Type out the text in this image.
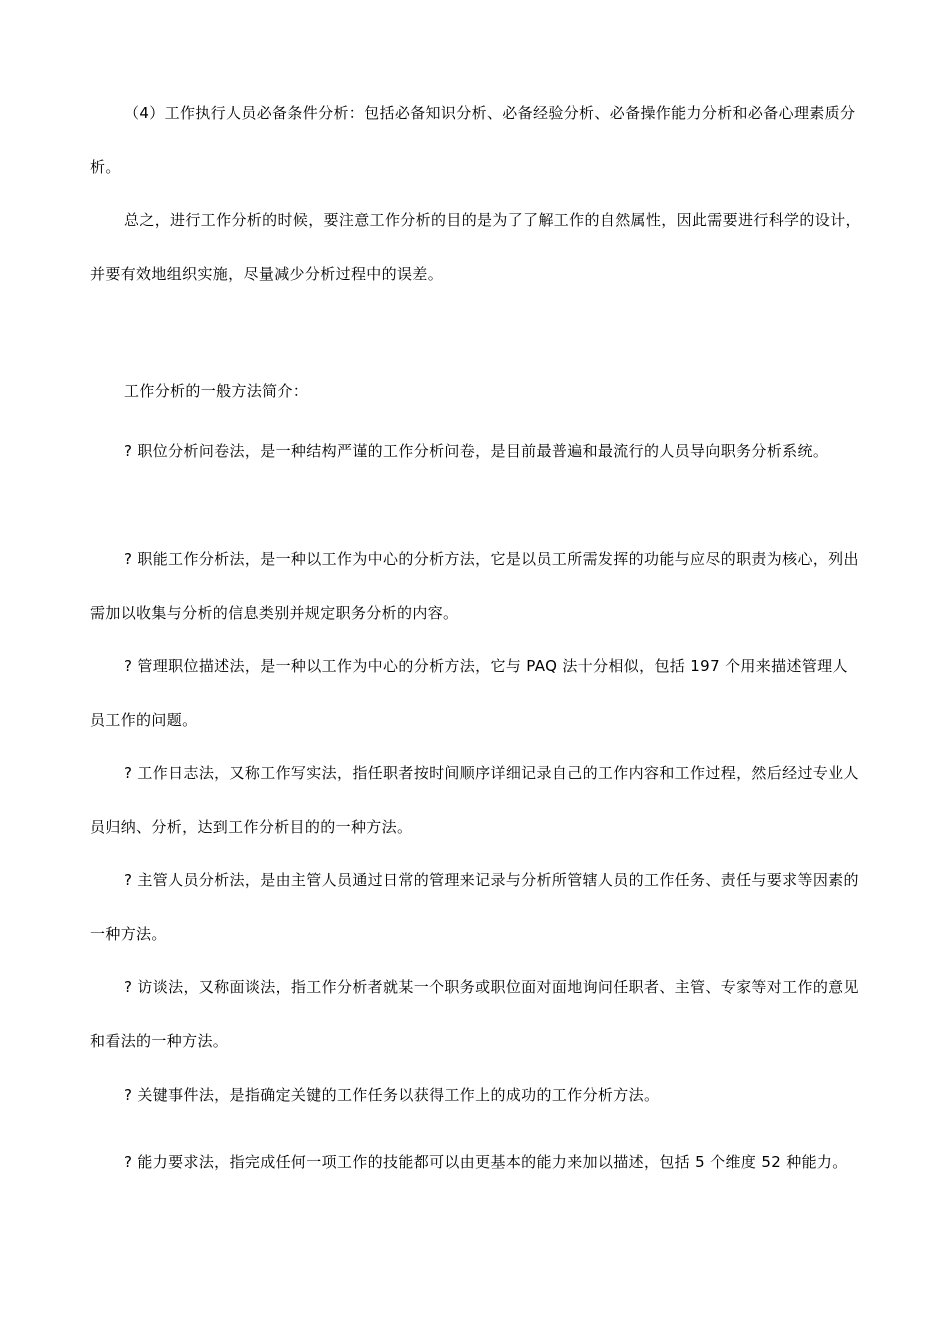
（4）工作执行人员必备条件分析：包括必备知识分析、必备经验分析、必备操作能力分析和必备心理素质分析。

总之，进行工作分析的时候，要注意工作分析的目的是为了了解工作的自然属性，因此需要进行科学的设计，并要有效地组织实施，尽量减少分析过程中的误差。

工作分析的一般方法简介：

? 职位分析问卷法，是一种结构严谨的工作分析问卷，是目前最普遍和最流行的人员导向职务分析系统。

? 职能工作分析法，是一种以工作为中心的分析方法，它是以员工所需发挥的功能与应尽的职责为核心，列出需加以收集与分析的信息类别并规定职务分析的内容。

? 管理职位描述法，是一种以工作为中心的分析方法，它与 PAQ 法十分相似，包括 197 个用来描述管理人员工作的问题。

? 工作日志法，又称工作写实法，指任职者按时间顺序详细记录自己的工作内容和工作过程，然后经过专业人员归纳、分析，达到工作分析目的的一种方法。

? 主管人员分析法，是由主管人员通过日常的管理来记录与分析所管辖人员的工作任务、责任与要求等因素的一种方法。

? 访谈法，又称面谈法，指工作分析者就某一个职务或职位面对面地询问任职者、主管、专家等对工作的意见和看法的一种方法。

? 关键事件法，是指确定关键的工作任务以获得工作上的成功的工作分析方法。

? 能力要求法，指完成任何一项工作的技能都可以由更基本的能力来加以描述，包括 5 个维度 52 种能力。
